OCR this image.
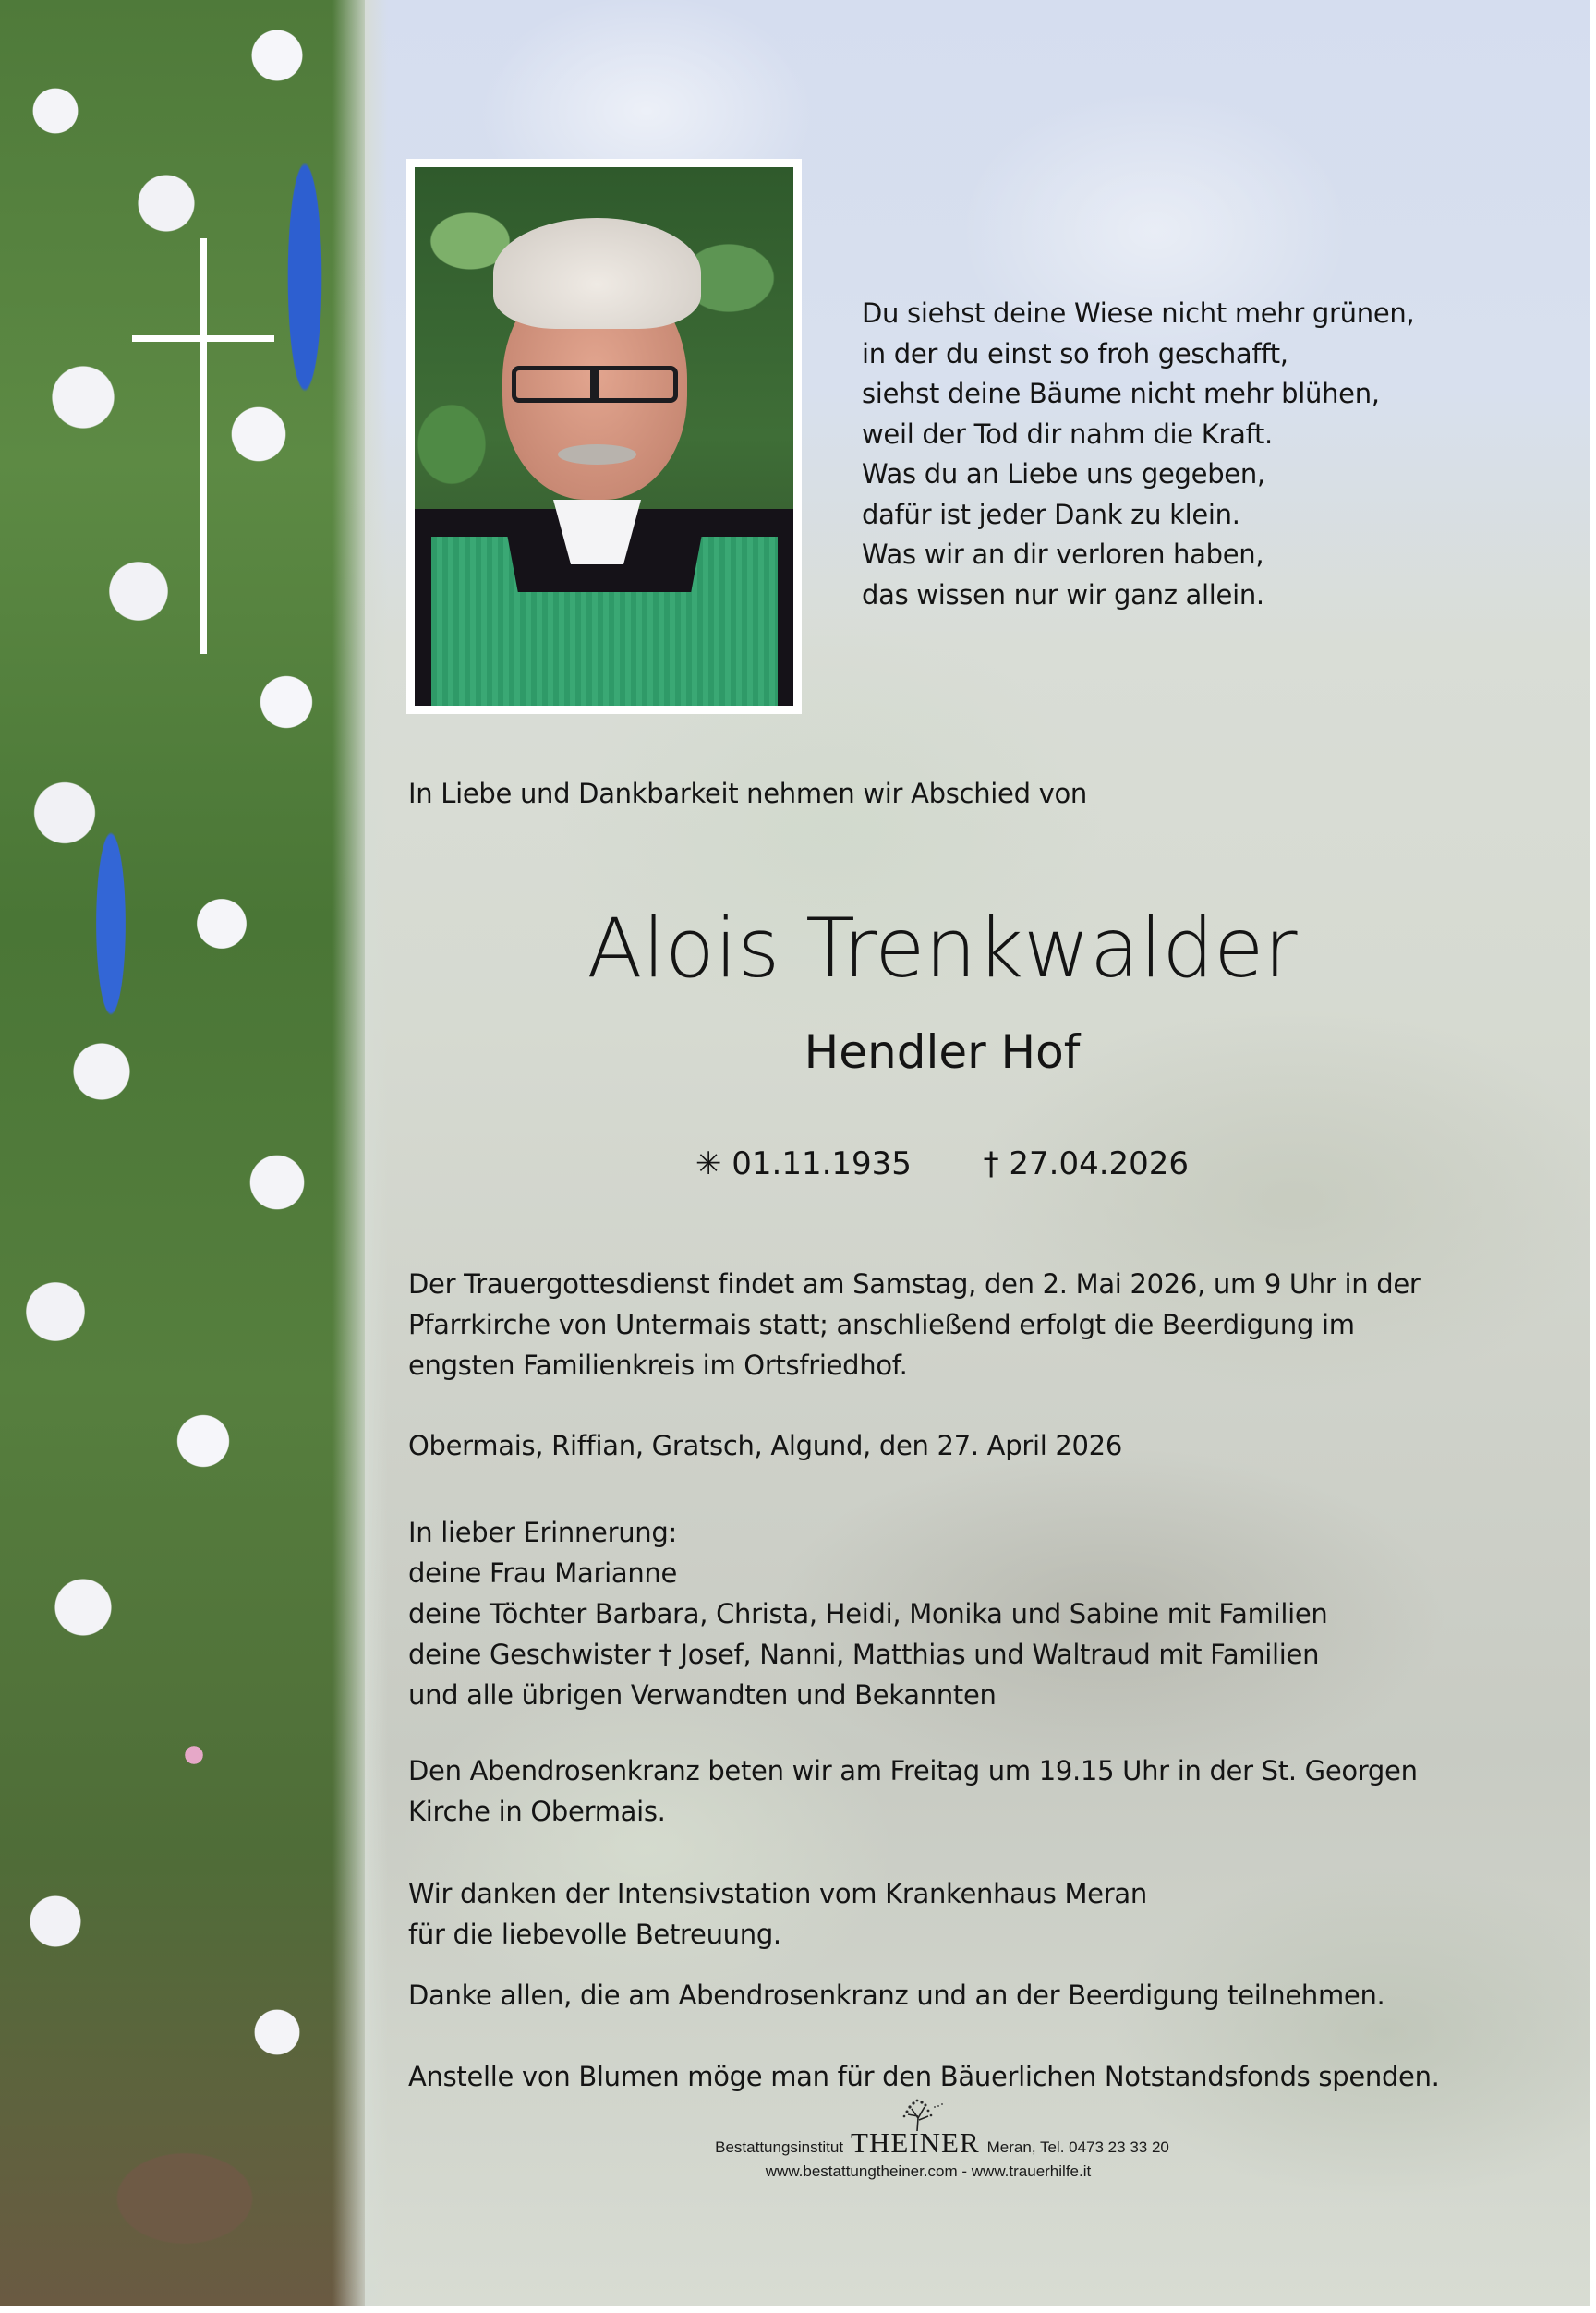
Du siehst deine Wiese nicht mehr grünen,
in der du einst so froh geschafft,
siehst deine Bäume nicht mehr blühen,
weil der Tod dir nahm die Kraft.
Was du an Liebe uns gegeben,
dafür ist jeder Dank zu klein.
Was wir an dir verloren haben,
das wissen nur wir ganz allein.
In Liebe und Dankbarkeit nehmen wir Abschied von
Alois Trenkwalder
Hendler Hof
✳ 01.11.1935 † 27.04.2026
Der Trauergottesdienst findet am Samstag, den 2. Mai 2026, um 9 Uhr in der
Pfarrkirche von Untermais statt; anschließend erfolgt die Beerdigung im
engsten Familienkreis im Ortsfriedhof.
Obermais, Riffian, Gratsch, Algund, den 27. April 2026
In lieber Erinnerung:
deine Frau Marianne
deine Töchter Barbara, Christa, Heidi, Monika und Sabine mit Familien
deine Geschwister † Josef, Nanni, Matthias und Waltraud mit Familien
und alle übrigen Verwandten und Bekannten
Den Abendrosenkranz beten wir am Freitag um 19.15 Uhr in der St. Georgen
Kirche in Obermais.
Wir danken der Intensivstation vom Krankenhaus Meran
für die liebevolle Betreuung.
Danke allen, die am Abendrosenkranz und an der Beerdigung teilnehmen.
Anstelle von Blumen möge man für den Bäuerlichen Notstandsfonds spenden.
Bestattungsinstitut THEINER Meran, Tel. 0473 23 33 20
www.bestattungtheiner.com - www.trauerhilfe.it
